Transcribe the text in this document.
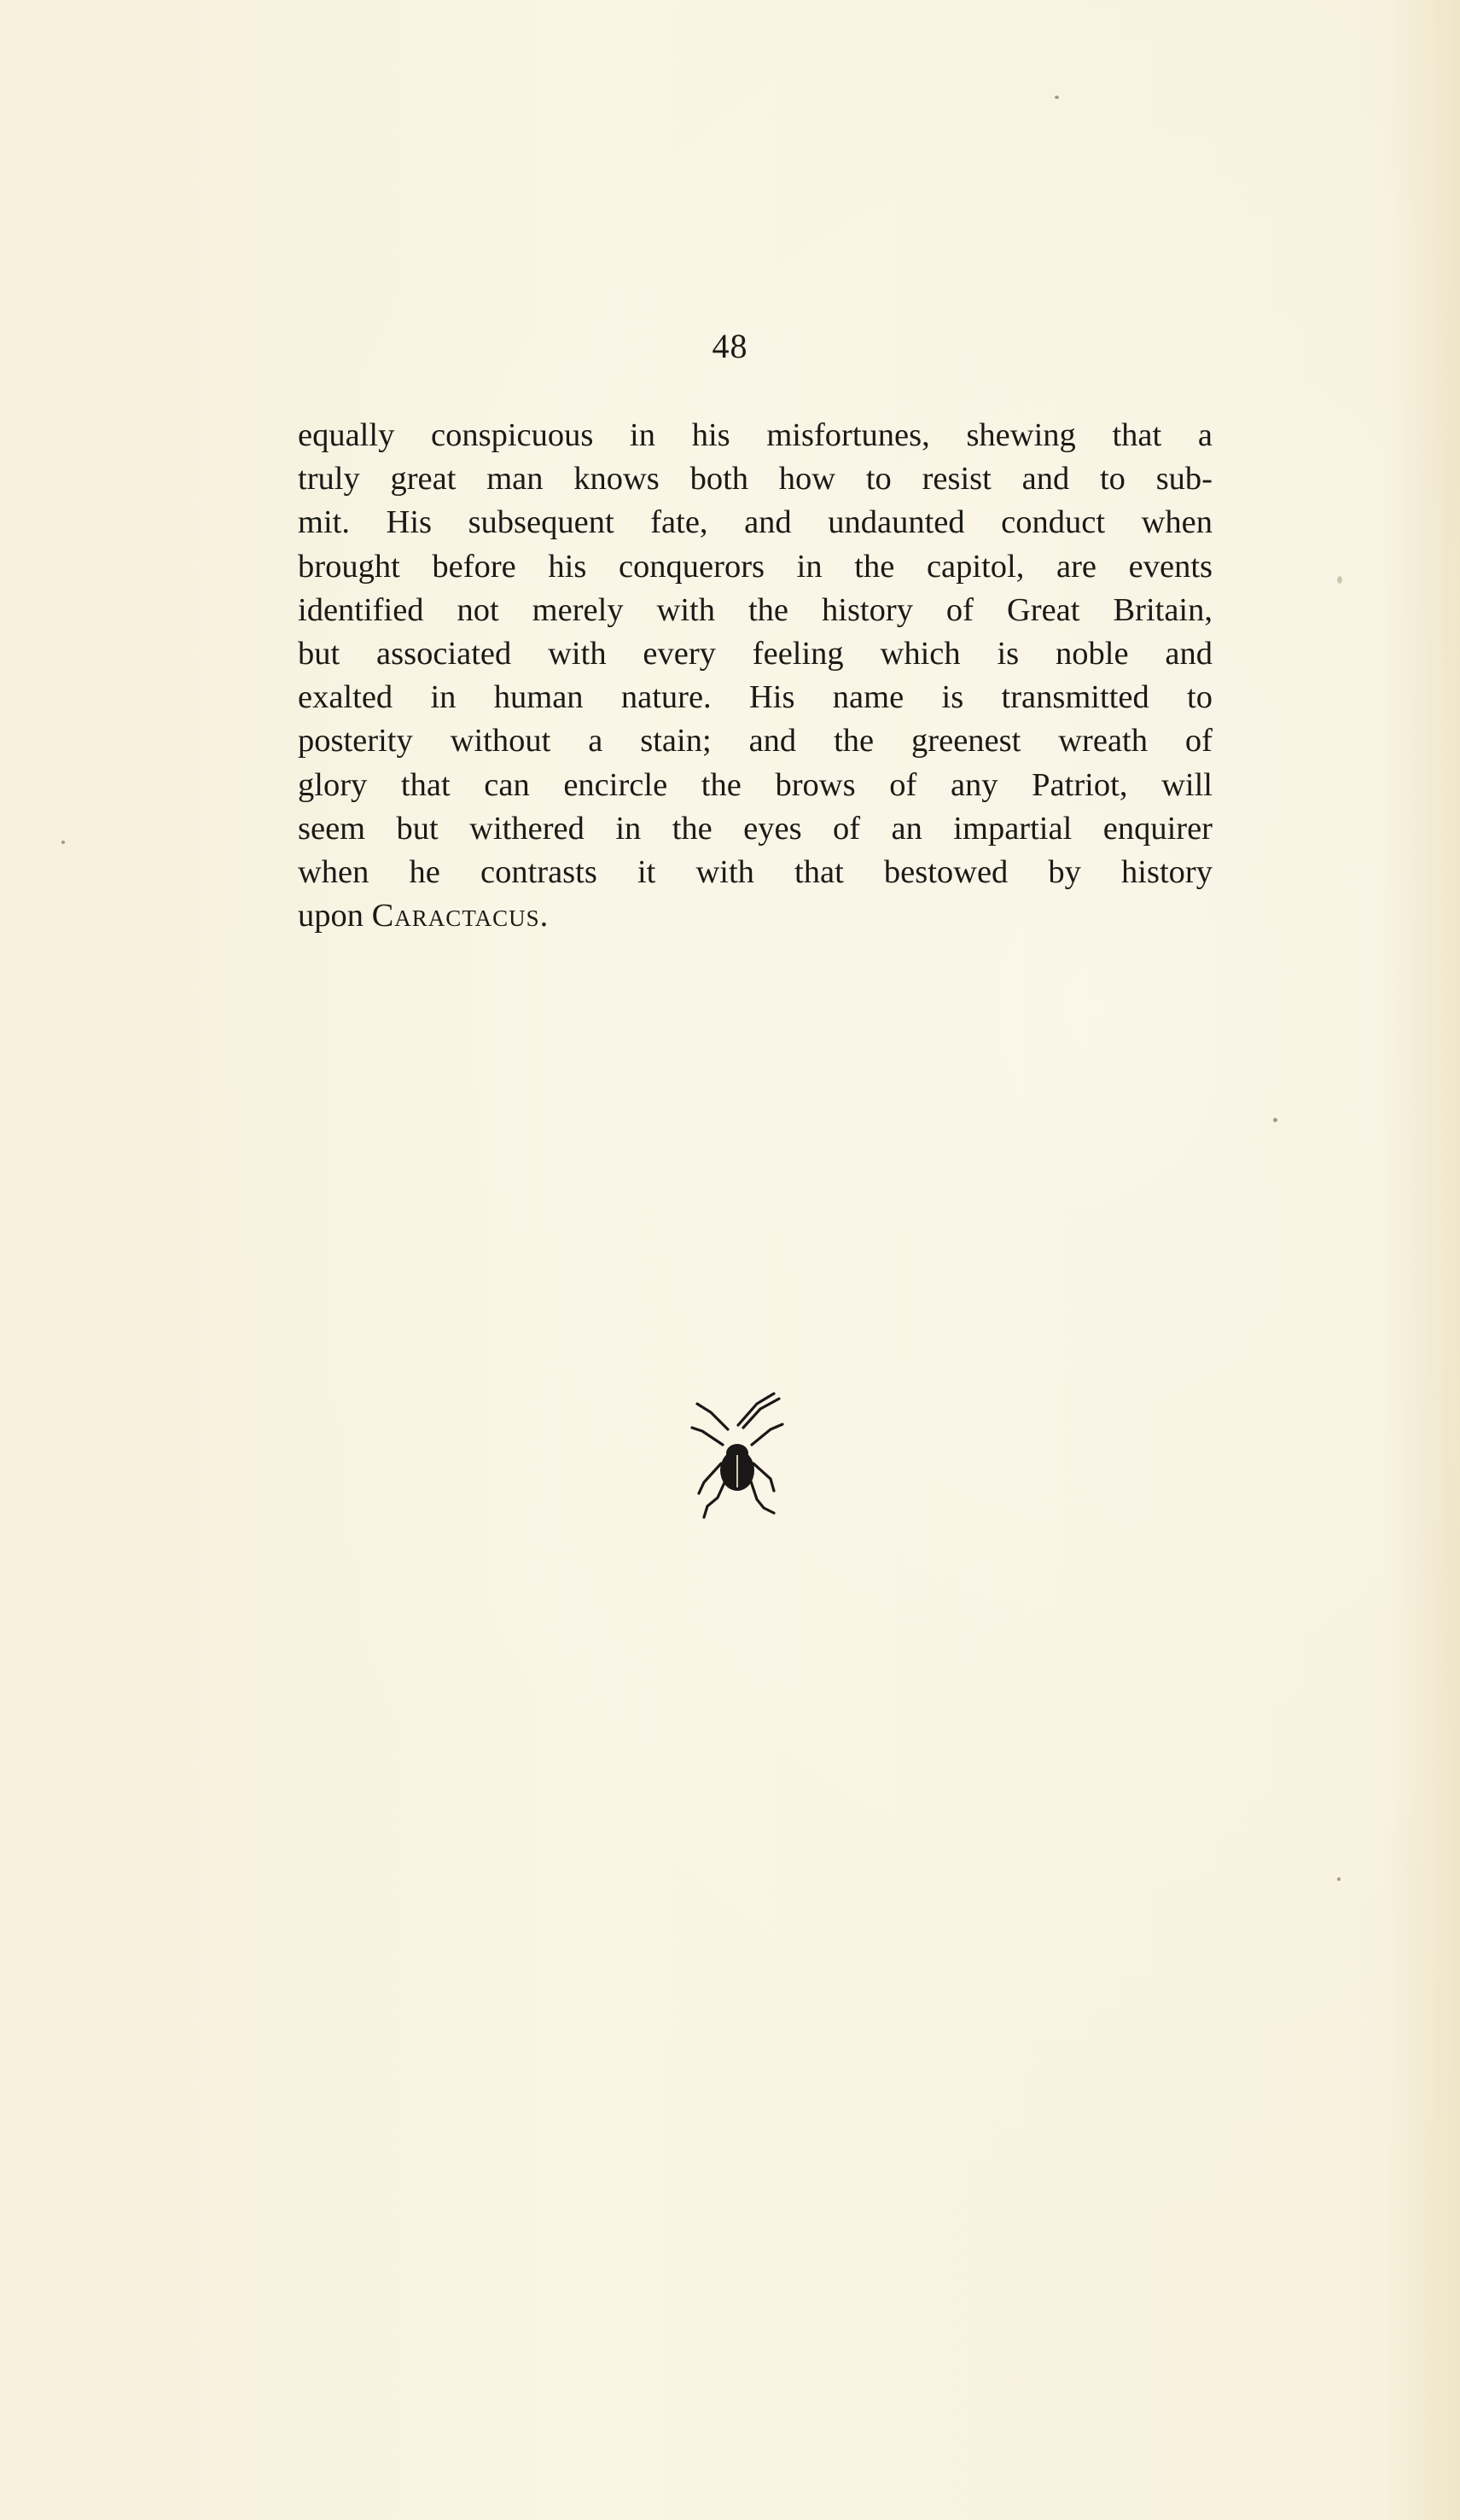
48
equally conspicuous in his misfortunes, shewing that a
truly great man knows both how to resist and to sub-
mit. His subsequent fate, and undaunted conduct when
brought before his conquerors in the capitol, are events
identified not merely with the history of Great Britain,
but associated with every feeling which is noble and
exalted in human nature. His name is transmitted to
posterity without a stain; and the greenest wreath of
glory that can encircle the brows of any Patriot, will
seem but withered in the eyes of an impartial enquirer
when he contrasts it with that bestowed by history
upon Caractacus.
